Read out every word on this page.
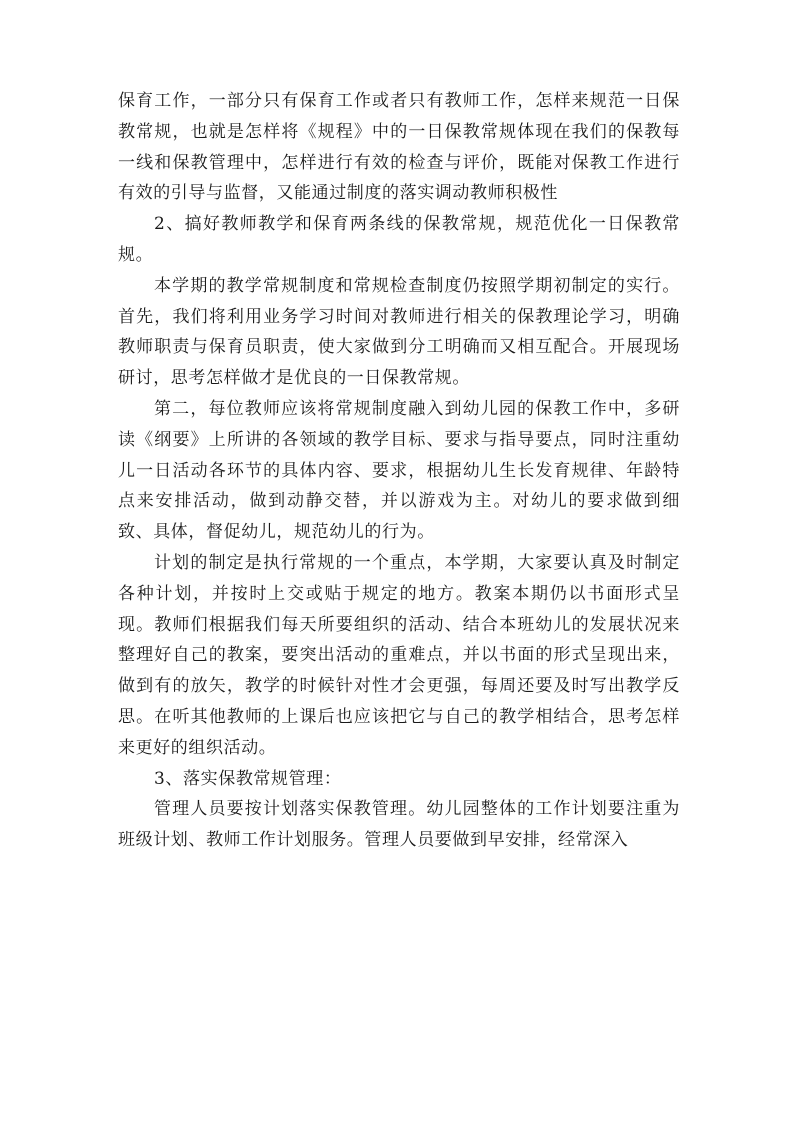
保育工作，一部分只有保育工作或者只有教师工作，怎样来规范一日保教常规，也就是怎样将《规程》中的一日保教常规体现在我们的保教每一线和保教管理中，怎样进行有效的检查与评价，既能对保教工作进行有效的引导与监督，又能通过制度的落实调动教师积极性

2、搞好教师教学和保育两条线的保教常规，规范优化一日保教常规。

本学期的教学常规制度和常规检查制度仍按照学期初制定的实行。首先，我们将利用业务学习时间对教师进行相关的保教理论学习，明确教师职责与保育员职责，使大家做到分工明确而又相互配合。开展现场研讨，思考怎样做才是优良的一日保教常规。

第二，每位教师应该将常规制度融入到幼儿园的保教工作中，多研读《纲要》上所讲的各领域的教学目标、要求与指导要点，同时注重幼儿一日活动各环节的具体内容、要求，根据幼儿生长发育规律、年龄特点来安排活动，做到动静交替，并以游戏为主。对幼儿的要求做到细致、具体，督促幼儿，规范幼儿的行为。

计划的制定是执行常规的一个重点，本学期，大家要认真及时制定各种计划，并按时上交或贴于规定的地方。教案本期仍以书面形式呈现。教师们根据我们每天所要组织的活动、结合本班幼儿的发展状况来整理好自己的教案，要突出活动的重难点，并以书面的形式呈现出来，做到有的放矢，教学的时候针对性才会更强，每周还要及时写出教学反思。在听其他教师的上课后也应该把它与自己的教学相结合，思考怎样来更好的组织活动。

3、落实保教常规管理：

管理人员要按计划落实保教管理。幼儿园整体的工作计划要注重为班级计划、教师工作计划服务。管理人员要做到早安排，经常深入
